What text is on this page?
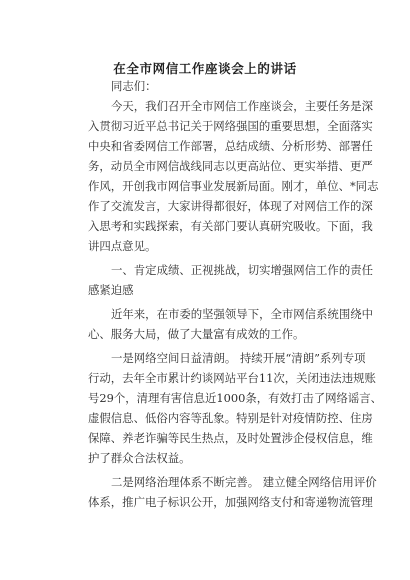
在全市网信工作座谈会上的讲话
同志们：
今天，我们召开全市网信工作座谈会，主要任务是深
入贯彻习近平总书记关于网络强国的重要思想，全面落实
中央和省委网信工作部署，总结成绩、分析形势、部署任
务，动员全市网信战线同志以更高站位、更实举措、更严
作风，开创我市网信事业发展新局面。刚才，单位、*同志
作了交流发言，大家讲得都很好，体现了对网信工作的深
入思考和实践探索，有关部门要认真研究吸收。下面，我
讲四点意见。
一、肯定成绩、正视挑战，切实增强网信工作的责任
感紧迫感
近年来，在市委的坚强领导下，全市网信系统围绕中
心、服务大局，做了大量富有成效的工作。
一是网络空间日益清朗。 持续开展“清朗”系列专项
行动，去年全市累计约谈网站平台11次，关闭违法违规账
号29个，清理有害信息近1000条，有效打击了网络谣言、
虚假信息、低俗内容等乱象。特别是针对疫情防控、住房
保障、养老诈骗等民生热点，及时处置涉企侵权信息，维
护了群众合法权益。
二是网络治理体系不断完善。 建立健全网络信用评价
体系，推广电子标识公开，加强网络支付和寄递物流管理
